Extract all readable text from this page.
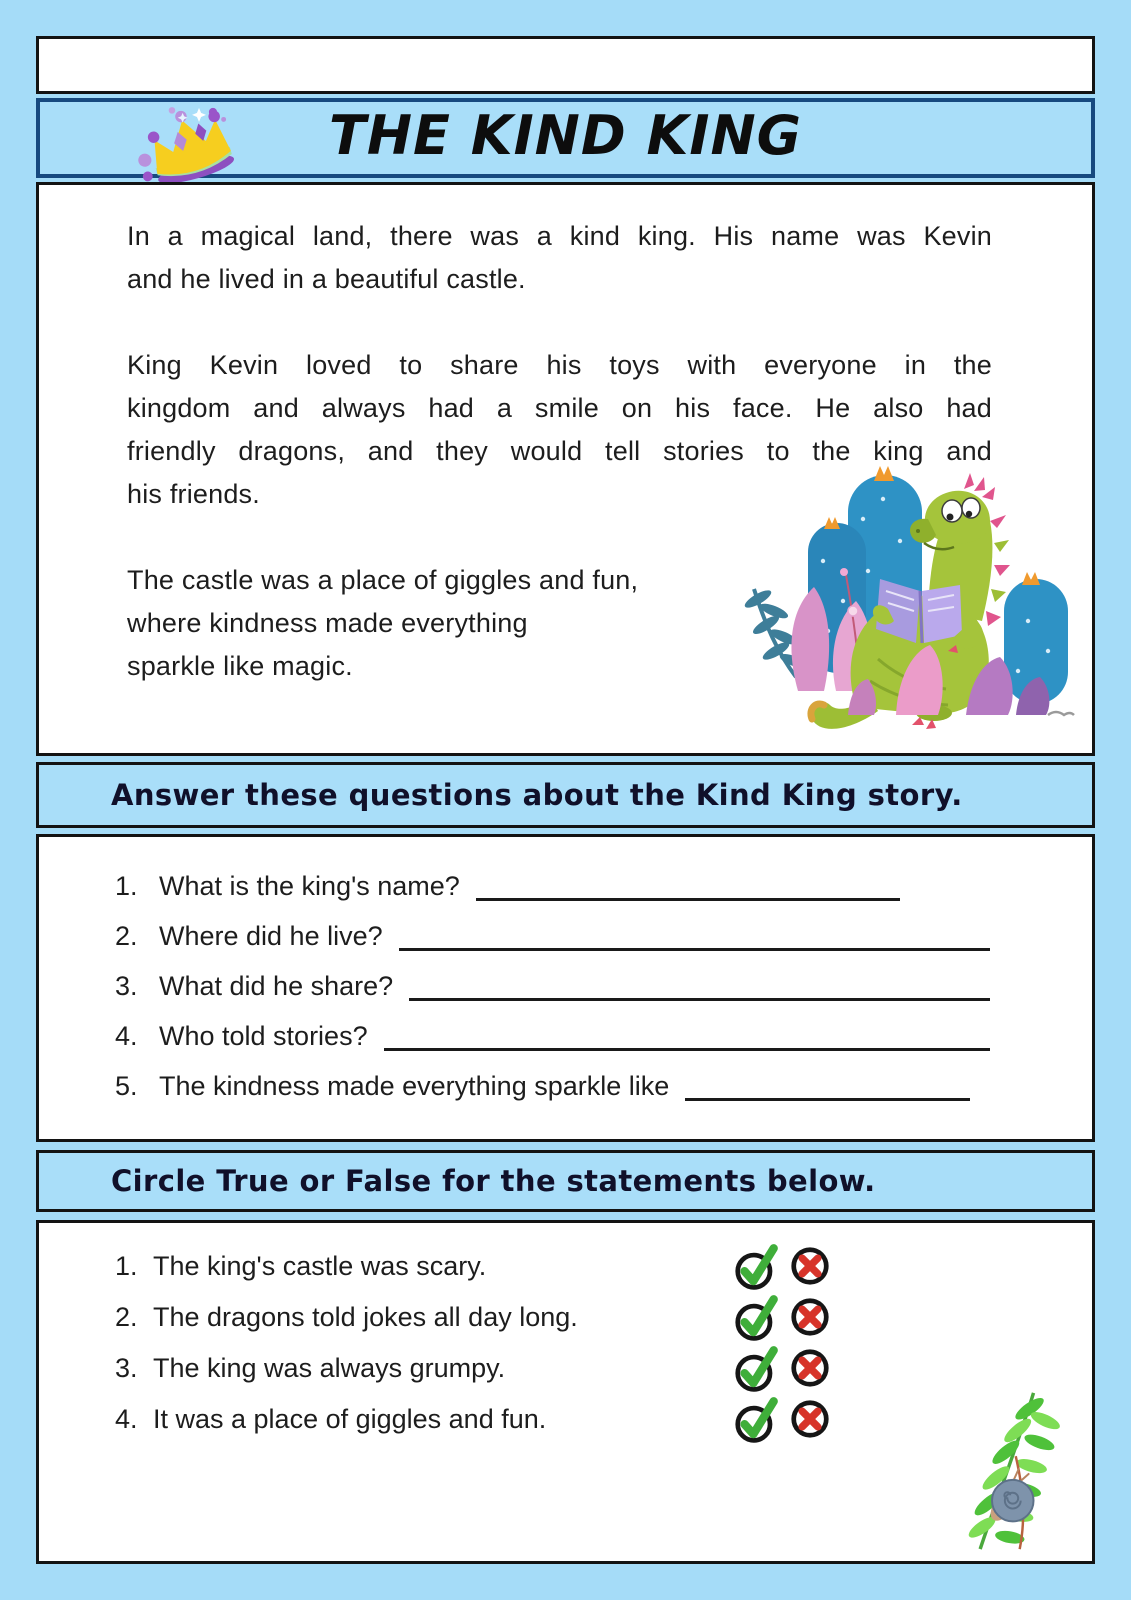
THE KIND KING
In a magical land, there was a kind king. His name was Kevin
and he lived in a beautiful castle.
King Kevin loved to share his toys with everyone in the
kingdom and always had a smile on his face. He also had
friendly dragons, and they would tell stories to the king and
his friends.
The castle was a place of giggles and fun,
where kindness made everything
sparkle like magic.
Answer these questions about the Kind King story.
1. What is the king's name?
2. Where did he live?
3. What did he share?
4. Who told stories?
5. The kindness made everything sparkle like
Circle True or False for the statements below.
1. The king's castle was scary.
2. The dragons told jokes all day long.
3. The king was always grumpy.
4. It was a place of giggles and fun.
